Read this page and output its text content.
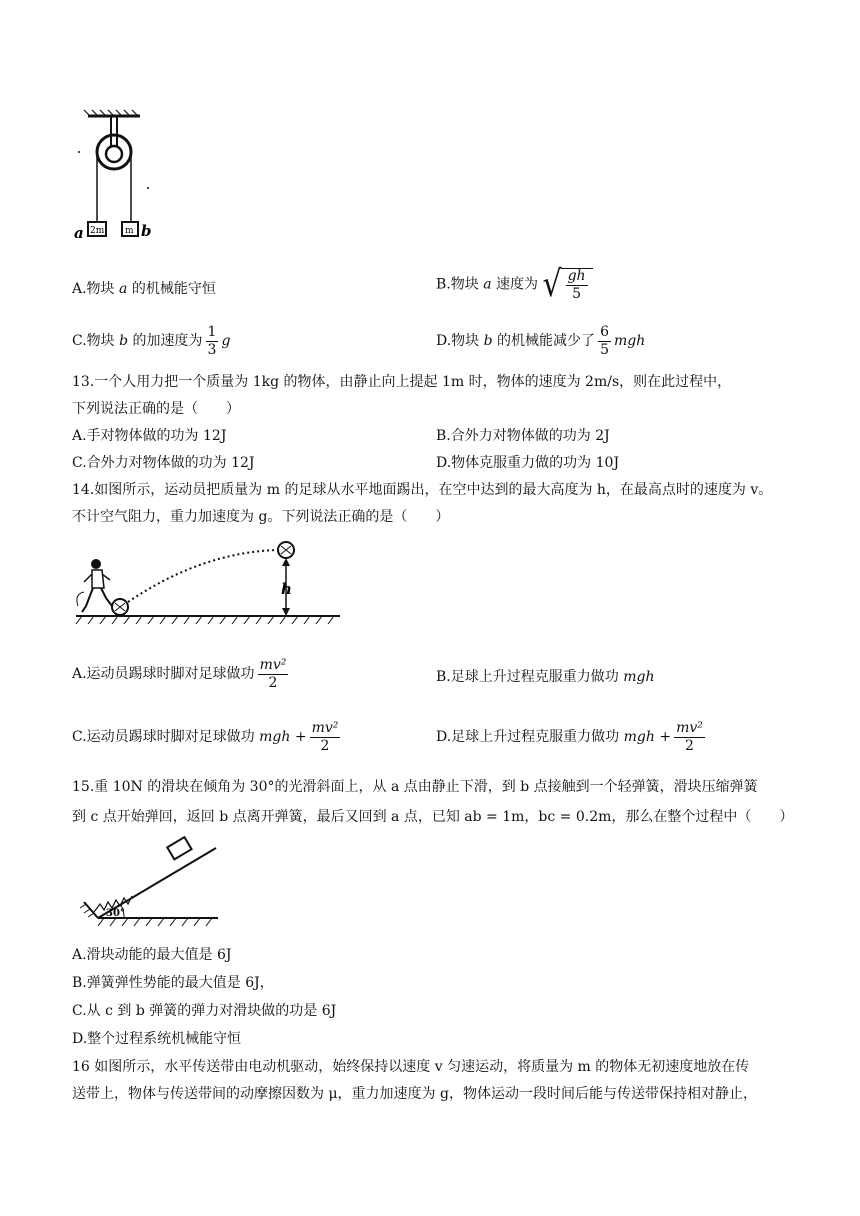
2m m
a	b
A.物块 a 的机械能守恒	B.物块 a 速度为 √ $\frac{gh}{5}$
C.物块 b 的加速度为 $\frac{1}{3}$ g	D.物块 b 的机械能减少了 $\frac{6}{5}$ mgh
13.一个人用力把一个质量为 1kg 的物体，由静止向上提起 1m 时，物体的速度为 2m/s，则在此过程中，
下列说法正确的是（　　）
A.手对物体做的功为 12J	B.合外力对物体做的功为 2J
C.合外力对物体做的功为 12J	D.物体克服重力做的功为 10J
14.如图所示，运动员把质量为 m 的足球从水平地面踢出，在空中达到的最大高度为 h，在最高点时的速度为 v。
不计空气阻力，重力加速度为 g。下列说法正确的是（　　）
h
A.运动员踢球时脚对足球做功 $\frac{\text{mv²}}{2}$	B.足球上升过程克服重力做功 mgh
C.运动员踢球时脚对足球做功 mgh + $\frac{\text{mv²}}{2}$	D.足球上升过程克服重力做功 mgh + $\frac{\text{mv²}}{2}$
15.重 10N 的滑块在倾角为 30°的光滑斜面上，从 a 点由静止下滑，到 b 点接触到一个轻弹簧，滑块压缩弹簧
到 c 点开始弹回，返回 b 点离开弹簧，最后又回到 a 点，已知 ab = 1m，bc = 0.2m，那么在整个过程中（　　）
30°
A.滑块动能的最大值是 6J
B.弹簧弹性势能的最大值是 6J，
C.从 c 到 b 弹簧的弹力对滑块做的功是 6J
D.整个过程系统机械能守恒
16 如图所示，水平传送带由电动机驱动，始终保持以速度 v 匀速运动，将质量为 m 的物体无初速度地放在传
送带上，物体与传送带间的动摩擦因数为 μ，重力加速度为 g，物体运动一段时间后能与传送带保持相对静止，
